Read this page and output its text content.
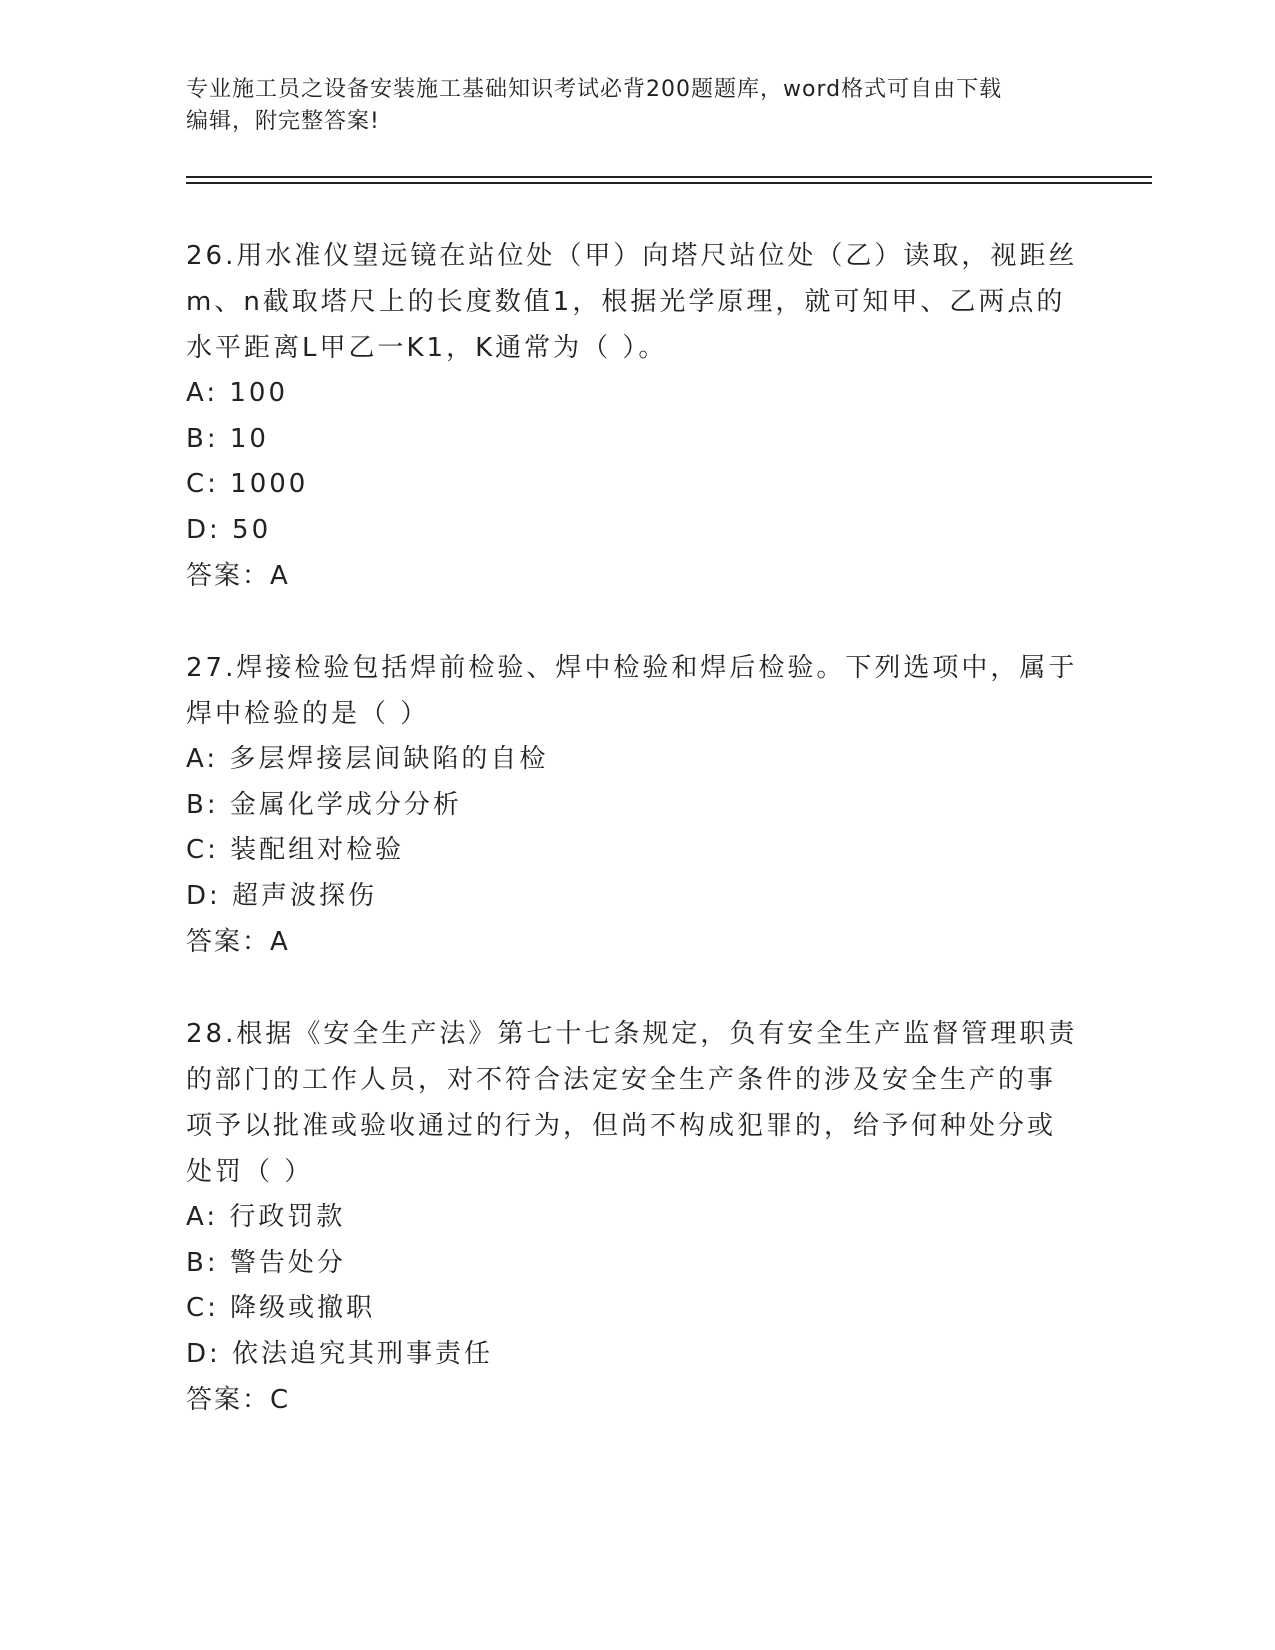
专业施工员之设备安装施工基础知识考试必背200题题库，word格式可自由下载
编辑，附完整答案!

26.用水准仪望远镜在站位处（甲）向塔尺站位处（乙）读取，视距丝

m、n截取塔尺上的长度数值1，根据光学原理，就可知甲、乙两点的

水平距离L甲乙一K1，K通常为（ ）。

A: 100

B: 10

C: 1000

D: 50

答案：A

27.焊接检验包括焊前检验、焊中检验和焊后检验。下列选项中，属于

焊中检验的是（ ）

A: 多层焊接层间缺陷的自检

B: 金属化学成分分析

C: 装配组对检验

D: 超声波探伤

答案：A

28.根据《安全生产法》第七十七条规定，负有安全生产监督管理职责

的部门的工作人员，对不符合法定安全生产条件的涉及安全生产的事

项予以批准或验收通过的行为，但尚不构成犯罪的，给予何种处分或

处罚（ ）

A: 行政罚款

B: 警告处分

C: 降级或撤职

D: 依法追究其刑事责任

答案：C
